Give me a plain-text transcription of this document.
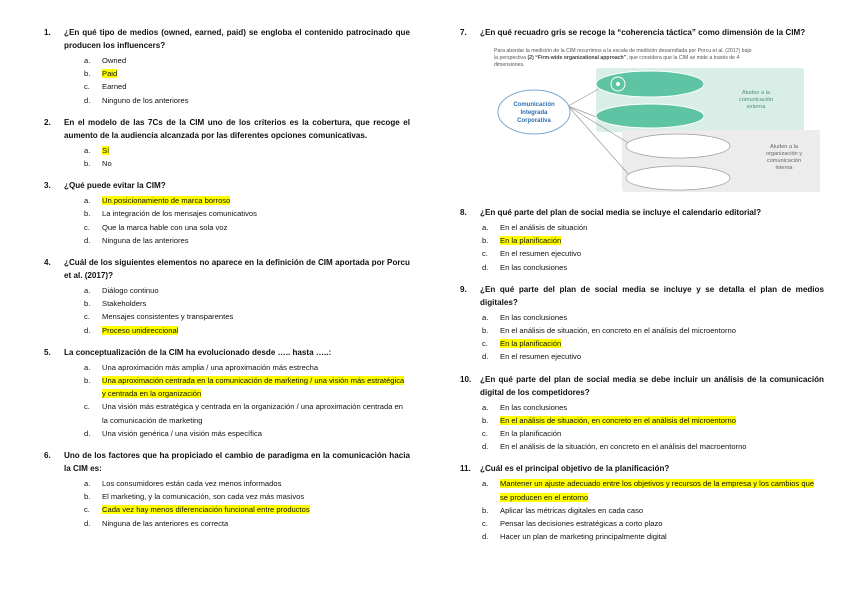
1.	¿En qué tipo de medios (owned, earned, paid) se engloba el contenido patrocinado que producen los influencers?
a.	Owned
b.	Paid
c.	Earned
d.	Ninguno de los anteriores
2.	En el modelo de las 7Cs de la CIM uno de los criterios es la cobertura, que recoge el aumento de la audiencia alcanzada por las diferentes opciones comunicativas.
a.	Sí
b.	No
3.	¿Qué puede evitar la CIM?
a.	Un posicionamiento de marca borroso
b.	La integración de los mensajes comunicativos
c.	Que la marca hable con una sola voz
d.	Ninguna de las anteriores
4.	¿Cuál de los siguientes elementos no aparece en la definición de CIM aportada por Porcu et al. (2017)?
a.	Diálogo continuo
b.	Stakeholders
c.	Mensajes consistentes y transparentes
d.	Proceso unidireccional
5.	La conceptualización de la CIM ha evolucionado desde ….. hasta …..:
a.	Una aproximación más amplia / una aproximación más estrecha
b.	Una aproximación centrada en la comunicación de marketing / una visión más estratégica y centrada en la organización
c.	Una visión más estratégica y centrada en la organización / una aproximación centrada en la comunicación de marketing
d.	Una visión genérica / una visión más específica
6.	Uno de los factores que ha propiciado el cambio de paradigma en la comunicación hacia la CIM es:
a.	Los consumidores están cada vez menos informados
b.	El marketing, y la comunicación, son cada vez más masivos
c.	Cada vez hay menos diferenciación funcional entre productos
d.	Ninguna de las anteriores es correcta
7.	¿En qué recuadro gris se recoge la “coherencia táctica” como dimensión de la CIM?
Para abordar la medición de la CIM recurrimos a la escala de medición desarrollada por Porcu et al. (2017) bajo la perspectiva (2) “Firm-wide organizational approach”, que considera que la CIM se mide a través de 4 dimensiones.
Comunicación
Integrada
Corporativa
Aluden a la
comunicación
externa
Aluden a la
organización y
comunicación
interna
8.	¿En qué parte del plan de social media se incluye el calendario editorial?
a.	En el análisis de situación
b.	En la planificación
c.	En el resumen ejecutivo
d.	En las conclusiones
9.	¿En qué parte del plan de social media se incluye y se detalla el plan de medios digitales?
a.	En las conclusiones
b.	En el análisis de situación, en concreto en el análisis del microentorno
c.	En la planificación
d.	En el resumen ejecutivo
10.	¿En qué parte del plan de social media se debe incluir un análisis de la comunicación digital de los competidores?
a.	En las conclusiones
b.	En el análisis de situación, en concreto en el análisis del microentorno
c.	En la planificación
d.	En el análisis de la situación, en concreto en el análisis del macroentorno
11.	¿Cuál es el principal objetivo de la planificación?
a.	Mantener un ajuste adecuado entre los objetivos y recursos de la empresa y los cambios que se producen en el entorno
b.	Aplicar las métricas digitales en cada caso
c.	Pensar las decisiones estratégicas a corto plazo
d.	Hacer un plan de marketing principalmente digital
